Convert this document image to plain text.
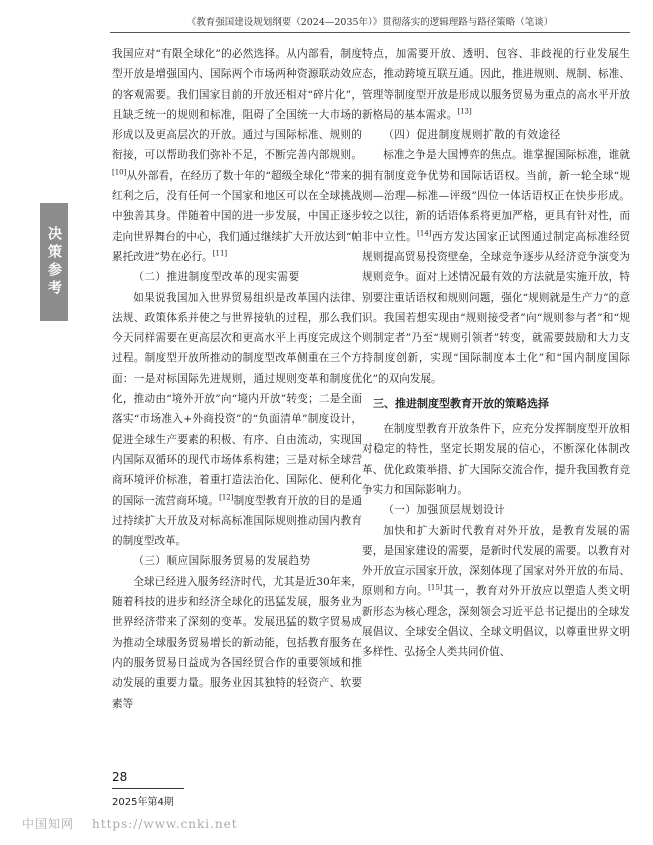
《教育强国建设规划纲要（2024—2035年）》贯彻落实的逻辑理路与路径策略（笔谈）
决策参考

我国应对“有限全球化”的必然选择。从内部看，制度型开放是增强国内、国际两个市场两种资源联动效应的客观需要。我们国家目前的开放还相对“碎片化”，且缺乏统一的规则和标准，阻碍了全国统一大市场的形成以及更高层次的开放。通过与国际标准、规则的衔接，可以帮助我们弥补不足，不断完善内部规则。[10]从外部看，在经历了数十年的“超级全球化”带来的红利之后，没有任何一个国家和地区可以在全球挑战中独善其身。伴随着中国的进一步发展，中国正逐步走向世界舞台的中心，我们通过继续扩大开放达到“帕累托改进”势在必行。[11]

（二）推进制度型改革的现实需要

如果说我国加入世界贸易组织是改革国内法律、法规、政策体系并使之与世界接轨的过程，那么我们今天同样需要在更高层次和更高水平上再度完成这个过程。制度型开放所推动的制度型改革侧重在三个方面：一是对标国际先进规则，通过规则变革和制度优化，推动由“境外开放”向“境内开放”转变；二是全面落实“市场准入+外商投资”的“负面清单”制度设计，促进全球生产要素的积极、有序、自由流动，实现国内国际双循环的现代市场体系构建；三是对标全球营商环境评价标准，着重打造法治化、国际化、便利化的国际一流营商环境。[12]制度型教育开放的目的是通过持续扩大开放及对标高标准国际规则推动国内教育的制度型改革。

（三）顺应国际服务贸易的发展趋势

全球已经进入服务经济时代，尤其是近30年来，随着科技的进步和经济全球化的迅猛发展，服务业为世界经济带来了深刻的变革。发展迅猛的数字贸易成为推动全球服务贸易增长的新动能，包括教育服务在内的服务贸易日益成为各国经贸合作的重要领域和推动发展的重要力量。服务业因其独特的轻资产、软要素等

特点，加需要开放、透明、包容、非歧视的行业发展生态，推动跨境互联互通。因此，推进规则、规制、标准、管理等制度型开放是形成以服务贸易为重点的高水平开放新格局的基本需求。[13]

（四）促进制度规则扩散的有效途径

标准之争是大国博弈的焦点。谁掌握国际标准，谁就拥有制度竞争优势和国际话语权。当前，新一轮全球“规则—治理—标准—评级”四位一体话语权正在快步形成。较之以往，新的话语体系将更加严格，更具有针对性，而非中立性。[14]西方发达国家正试图通过制定高标准经贸规则提高贸易投资壁垒，全球竞争逐步从经济竞争演变为规则竞争。面对上述情况最有效的方法就是实施开放，特别要注重话语权和规则问题，强化“规则就是生产力”的意识。我国若想实现由“规则接受者”向“规则参与者”和“规则制定者”乃至“规则引领者”转变，就需要鼓励和大力支持制度创新，实现“国际制度本土化”和“国内制度国际化”的双向发展。

三、推进制度型教育开放的策略选择

在制度型教育开放条件下，应充分发挥制度型开放相对稳定的特性，坚定长期发展的信心，不断深化体制改革、优化政策举措、扩大国际交流合作，提升我国教育竞争实力和国际影响力。

（一）加强顶层规划设计

加快和扩大新时代教育对外开放，是教育发展的需要，是国家建设的需要，是新时代发展的需要。以教育对外开放宣示国家开放，深刻体现了国家对外开放的布局、原则和方向。[15]其一，教育对外开放应以塑造人类文明新形态为核心理念，深刻领会习近平总书记提出的全球发展倡议、全球安全倡议、全球文明倡议，以尊重世界文明多样性、弘扬全人类共同价值、

28
2025年第4期
中国知网 https://www.cnki.net
